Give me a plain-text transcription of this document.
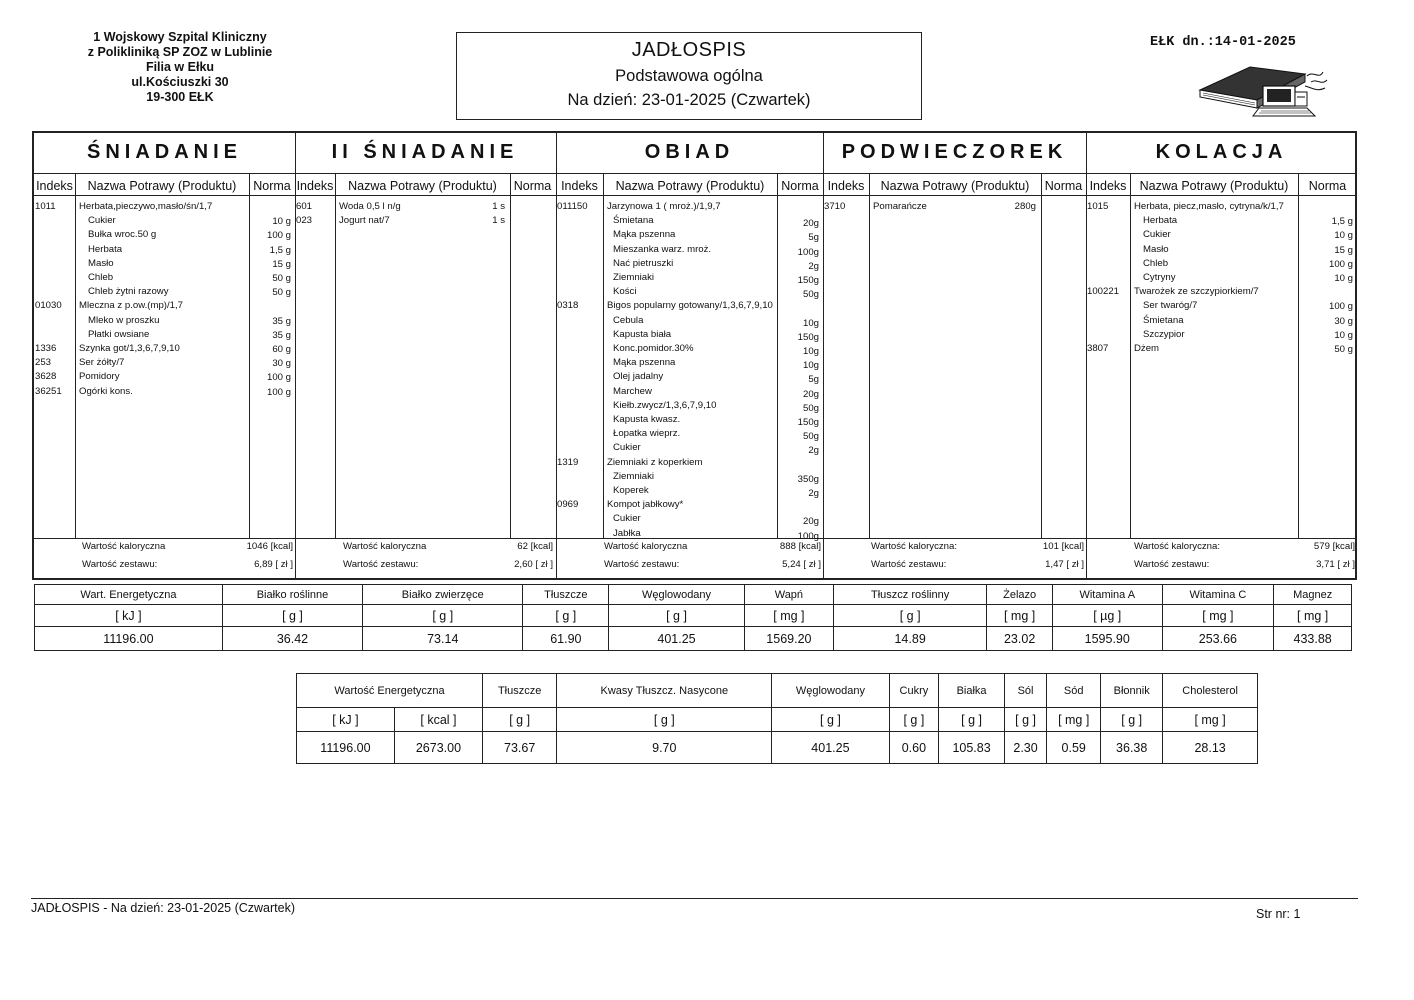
1 Wojskowy Szpital Kliniczny
z Polikliniką SP ZOZ w Lublinie
Filia w Ełku
ul.Kościuszki 30
19-300 EŁK
JADŁOSPIS
Podstawowa ogólna
Na dzień: 23-01-2025 (Czwartek)
EŁK dn.:14-01-2025
ŚNIADANIE
Indeks	Nazwa Potrawy (Produktu)	Norma
1011 Herbata,pieczywo,masło/śn/1,7
Cukier	10 g
Bułka wroc.50 g	100 g
Herbata	1,5 g
Masło	15 g
Chleb	50 g
Chleb żytni razowy	50 g
01030 Mleczna z p.ow.(mp)/1,7
Mleko w proszku	35 g
Płatki owsiane	35 g
1336 Szynka got/1,3,6,7,9,10	60 g
253	Ser żółty/7	30 g
3628 Pomidory	100 g
36251 Ogórki kons.	100 g
Wartość kaloryczna	1046 [kcal]
Wartość zestawu:	6,89 [ zł ]
II ŚNIADANIE
Indeks	Nazwa Potrawy (Produktu)	Norma
601	Woda 0,5 l n/g	1 s
023	Jogurt nat/7	1 s
Wartość kaloryczna	62 [kcal]
Wartość zestawu:	2,60 [ zł ]
OBIAD
Indeks	Nazwa Potrawy (Produktu)	Norma
011150 Jarzynowa 1 ( mroż.)/1,9,7
Śmietana	20g
Mąka pszenna	5g
Mieszanka warz. mroż.	100g
Nać pietruszki	2g
Ziemniaki	150g
Kości	50g
0318	Bigos popularny gotowany/1,3,6,7,9,10
Cebula	10g
Kapusta biała	150g
Konc.pomidor.30%	10g
Mąka pszenna	10g
Olej jadalny	5g
Marchew	20g
Kiełb.zwycz/1,3,6,7,9,10	50g
Kapusta kwasz.	150g
Łopatka wieprz.	50g
Cukier	2g
1319	Ziemniaki z koperkiem
Ziemniaki	350g
Koperek	2g
0969	Kompot jabłkowy*
Cukier	20g
Jabłka	100g
Wartość kaloryczna	888 [kcal]
Wartość zestawu:	5,24 [ zł ]
PODWIECZOREK
Indeks	Nazwa Potrawy (Produktu)	Norma
3710	Pomarańcze	280g
Wartość kaloryczna:	101 [kcal]
Wartość zestawu:	1,47 [ zł ]
KOLACJA
Indeks	Nazwa Potrawy (Produktu)	Norma
1015	Herbata, piecz,masło, cytryna/k/1,7
Herbata	1,5 g
Cukier	10 g
Masło	15 g
Chleb	100 g
Cytryny	10 g
100221 Twarożek ze szczypiorkiem/7
Ser twaróg/7	100 g
Śmietana	30 g
Szczypior	10 g
3807	Dżem	50 g
Wartość kaloryczna:	579 [kcal]
Wartość zestawu:	3,71 [ zł ]
Wart. Energetyczna	Białko roślinne	Białko zwierzęce	Tłuszcze	Węglowodany	Wapń	Tłuszcz roślinny	Żelazo	Witamina A	Witamina C	Magnez
[ kJ ]	[ g ]	[ g ]	[ g ]	[ g ]	[ mg ]	[ g ]	[ mg ]	[ µg ]	[ mg ]	[ mg ]
11196.00	36.42	73.14	61.90	401.25	1569.20	14.89	23.02	1595.90	253.66	433.88
Wartość Energetyczna		Tłuszcze	Kwasy Tłuszcz. Nasycone	Węglowodany	Cukry	Białka	Sól	Sód	Błonnik	Cholesterol
[ kJ ]	[ kcal ]	[ g ]	[ g ]	[ g ]	[ g ]	[ g ]	[ g ]	[ mg ]	[ g ]	[ mg ]
11196.00	2673.00	73.67	9.70	401.25	0.60	105.83	2.30	0.59	36.38	28.13
JADŁOSPIS - Na dzień: 23-01-2025 (Czwartek)	Str nr: 1
